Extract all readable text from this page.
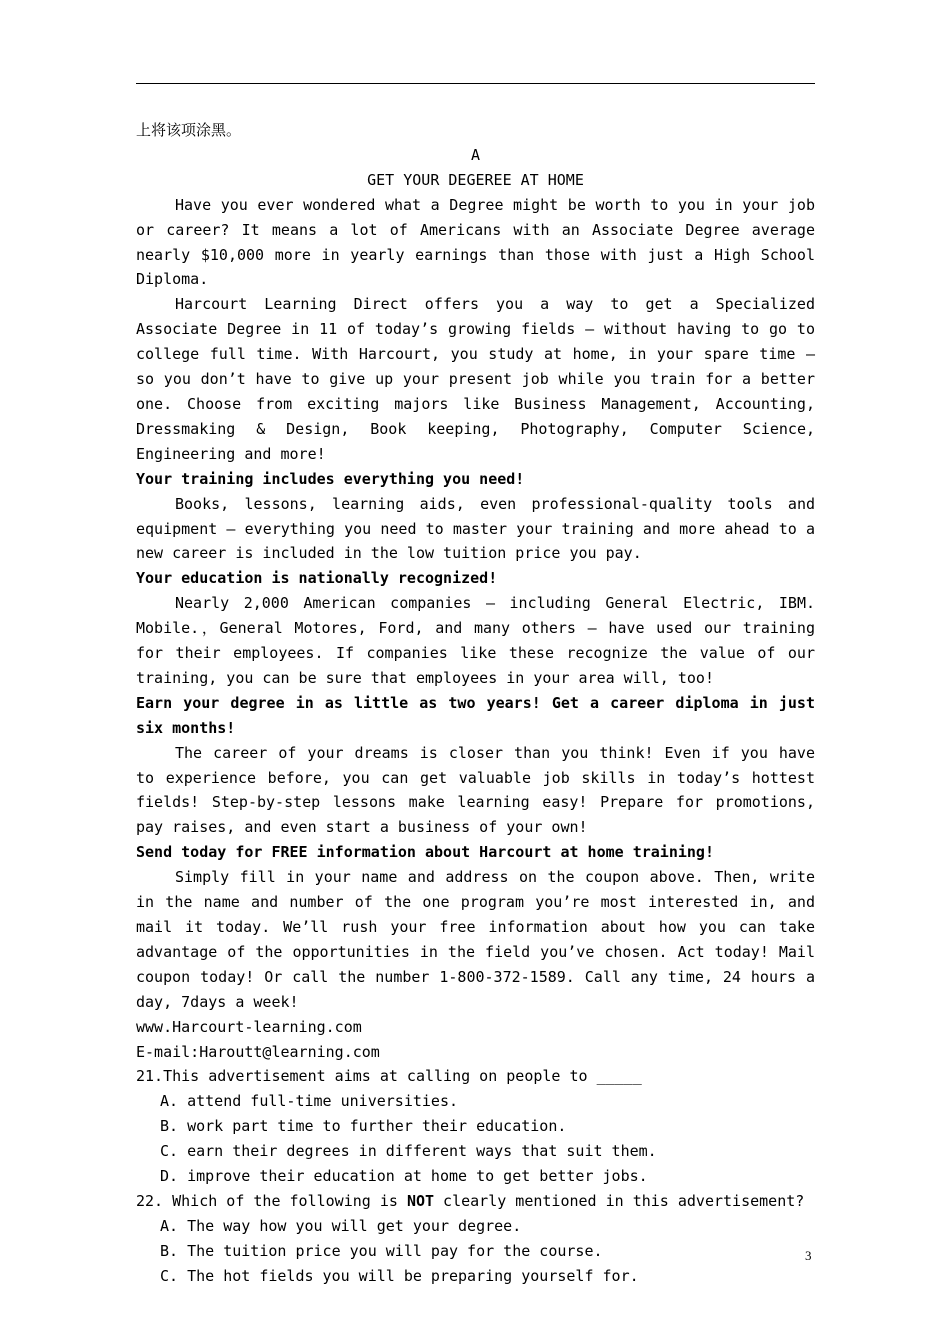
上将该项涂黑。

A

GET YOUR DEGEREE AT HOME

Have you ever wondered what a Degree might be worth to you in your job or career? It means a lot of Americans with an Associate Degree average nearly $10,000 more in yearly earnings than those with just a High School Diploma.

Harcourt Learning Direct offers you a way to get a Specialized Associate Degree in 11 of today’s growing fields — without having to go to college full time. With Harcourt, you study at home, in your spare time — so you don’t have to give up your present job while you train for a better one. Choose from exciting majors like Business Management, Accounting, Dressmaking & Design, Book keeping, Photography, Computer Science, Engineering and more!

Your training includes everything you need!

Books, lessons, learning aids, even professional-quality tools and equipment — everything you need to master your training and more ahead to a new career is included in the low tuition price you pay.

Your education is nationally recognized!

Nearly 2,000 American companies — including General Electric, IBM. Mobile.，General Motores, Ford, and many others — have used our training for their employees. If companies like these recognize the value of our training, you can be sure that employees in your area will, too!

Earn your degree in as little as two years! Get a career diploma in just six months!

The career of your dreams is closer than you think! Even if you have to experience before, you can get valuable job skills in today’s hottest fields! Step-by-step lessons make learning easy! Prepare for promotions, pay raises, and even start a business of your own!

Send today for FREE information about Harcourt at home training!

Simply fill in your name and address on the coupon above. Then, write in the name and number of the one program you’re most interested in, and mail it today. We’ll rush your free information about how you can take advantage of the opportunities in the field you’ve chosen. Act today! Mail coupon today! Or call the number 1-800-372-1589. Call any time, 24 hours a day, 7days a week!

www.Harcourt-learning.com

E-mail:Haroutt@learning.com

21.This advertisement aims at calling on people to _____

A. attend full-time universities.

B. work part time to further their education.

C. earn their degrees in different ways that suit them.

D. improve their education at home to get better jobs.

22. Which of the following is NOT clearly mentioned in this advertisement?

A. The way how you will get your degree.

B. The tuition price you will pay for the course.

C. The hot fields you will be preparing yourself for.

3
